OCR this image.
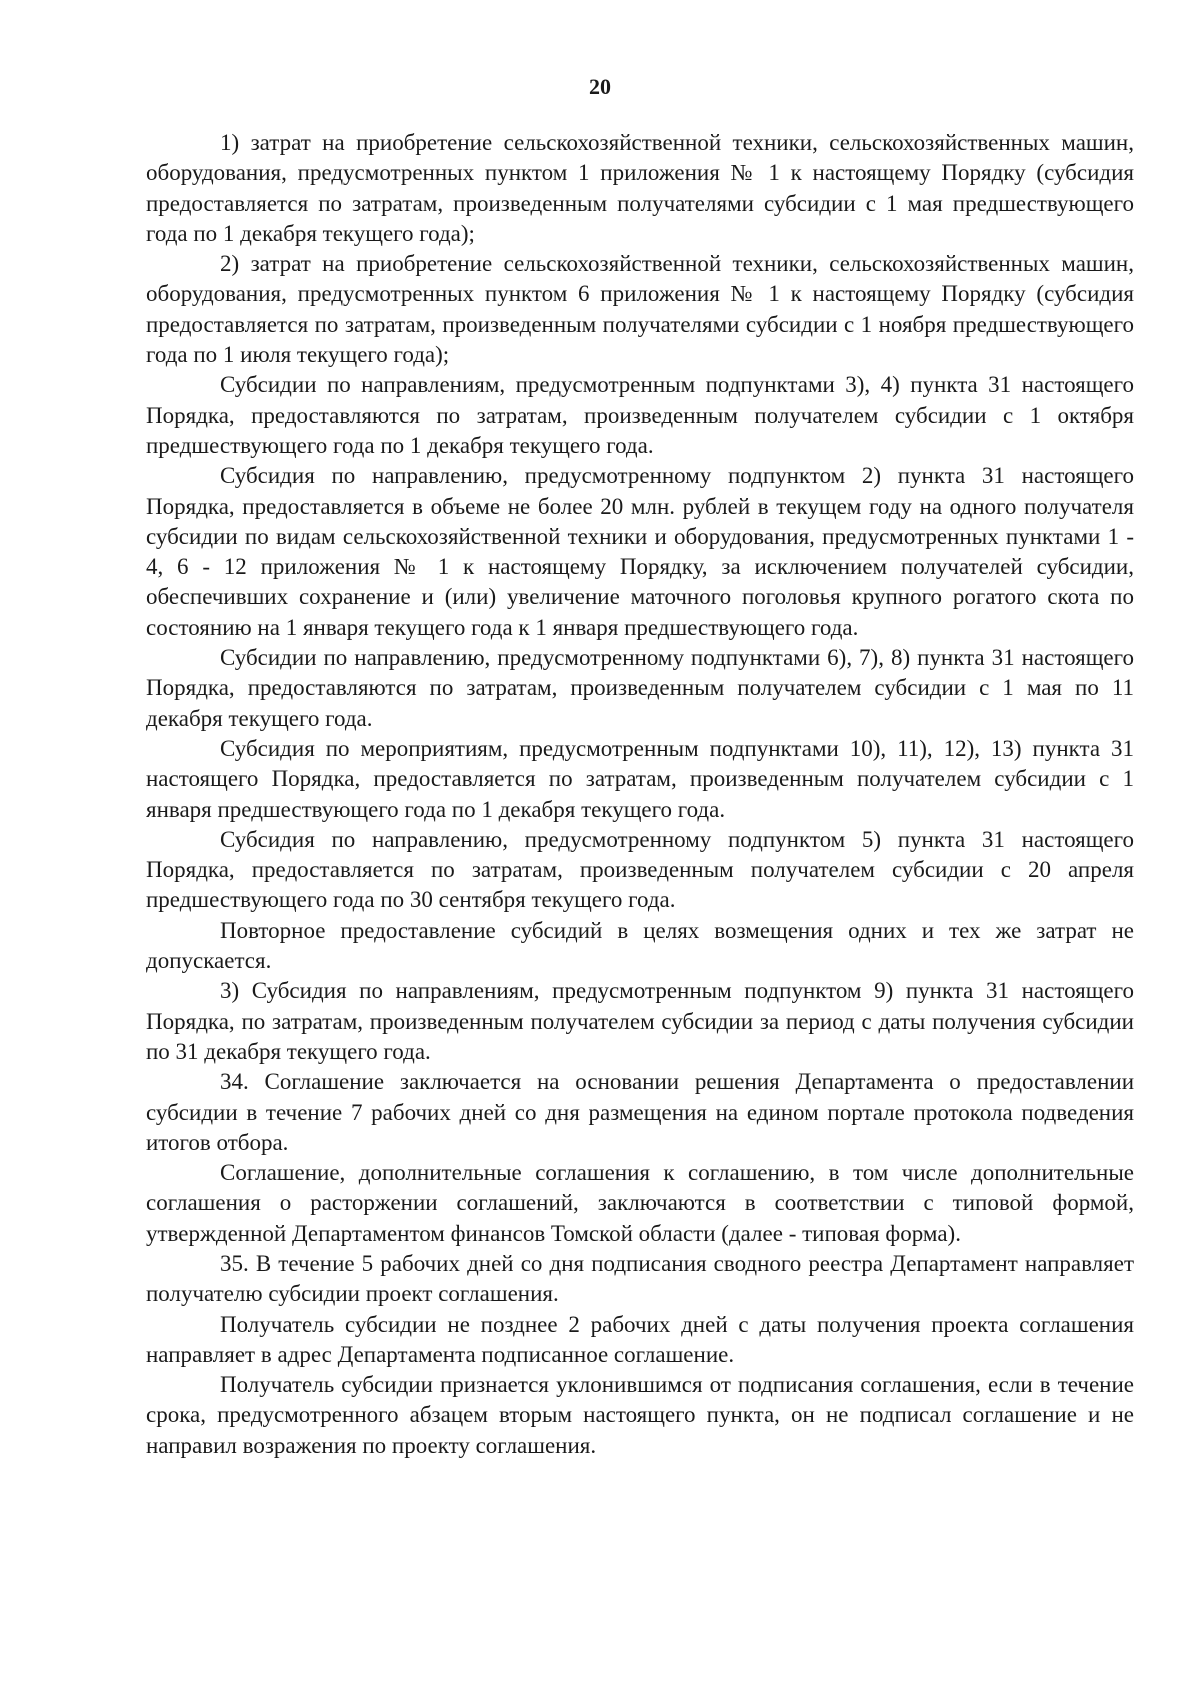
20

1) затрат на приобретение сельскохозяйственной техники, сельскохозяйственных машин, оборудования, предусмотренных пунктом 1 приложения № 1 к настоящему Порядку (субсидия предоставляется по затратам, произведенным получателями субсидии с 1 мая предшествующего года по 1 декабря текущего года);

2) затрат на приобретение сельскохозяйственной техники, сельскохозяйственных машин, оборудования, предусмотренных пунктом 6 приложения № 1 к настоящему Порядку (субсидия предоставляется по затратам, произведенным получателями субсидии с 1 ноября предшествующего года по 1 июля текущего года);

Субсидии по направлениям, предусмотренным подпунктами 3), 4) пункта 31 настоящего Порядка, предоставляются по затратам, произведенным получателем субсидии с 1 октября предшествующего года по 1 декабря текущего года.

Субсидия по направлению, предусмотренному подпунктом 2) пункта 31 настоящего Порядка, предоставляется в объеме не более 20 млн. рублей в текущем году на одного получателя субсидии по видам сельскохозяйственной техники и оборудования, предусмотренных пунктами 1 - 4, 6 - 12 приложения № 1 к настоящему Порядку, за исключением получателей субсидии, обеспечивших сохранение и (или) увеличение маточного поголовья крупного рогатого скота по состоянию на 1 января текущего года к 1 января предшествующего года.

Субсидии по направлению, предусмотренному подпунктами 6), 7), 8) пункта 31 настоящего Порядка, предоставляются по затратам, произведенным получателем субсидии с 1 мая по 11 декабря текущего года.

Субсидия по мероприятиям, предусмотренным подпунктами 10), 11), 12), 13) пункта 31 настоящего Порядка, предоставляется по затратам, произведенным получателем субсидии с 1 января предшествующего года по 1 декабря текущего года.

Субсидия по направлению, предусмотренному подпунктом 5) пункта 31 настоящего Порядка, предоставляется по затратам, произведенным получателем субсидии с 20 апреля предшествующего года по 30 сентября текущего года.

Повторное предоставление субсидий в целях возмещения одних и тех же затрат не допускается.

3) Субсидия по направлениям, предусмотренным подпунктом 9) пункта 31 настоящего Порядка, по затратам, произведенным получателем субсидии за период с даты получения субсидии по 31 декабря текущего года.

34. Соглашение заключается на основании решения Департамента о предоставлении субсидии в течение 7 рабочих дней со дня размещения на едином портале протокола подведения итогов отбора.

Соглашение, дополнительные соглашения к соглашению, в том числе дополнительные соглашения о расторжении соглашений, заключаются в соответствии с типовой формой, утвержденной Департаментом финансов Томской области (далее - типовая форма).

35. В течение 5 рабочих дней со дня подписания сводного реестра Департамент направляет получателю субсидии проект соглашения.

Получатель субсидии не позднее 2 рабочих дней с даты получения проекта соглашения направляет в адрес Департамента подписанное соглашение.

Получатель субсидии признается уклонившимся от подписания соглашения, если в течение срока, предусмотренного абзацем вторым настоящего пункта, он не подписал соглашение и не направил возражения по проекту соглашения.
